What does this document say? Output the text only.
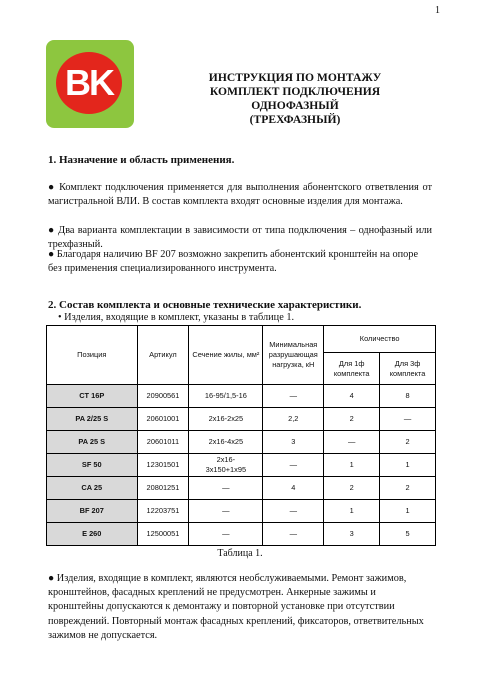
1
BK	ИНСТРУКЦИЯ ПО МОНТАЖУ
КОМПЛЕКТ ПОДКЛЮЧЕНИЯ
ОДНОФАЗНЫЙ
(ТРЕХФАЗНЫЙ)
1. Назначение и область применения.
● Комплект подключения применяется для выполнения абонентского ответвления от магистральной ВЛИ. В состав комплекта входят основные изделия для монтажа.
● Два варианта комплектации в зависимости от типа подключения – однофазный или трехфазный.
● Благодаря наличию BF 207 возможно закрепить абонентский кронштейн на опоре без применения специализированного инструмента.
2. Состав комплекта и основные технические характеристики.
• Изделия, входящие в комплект, указаны в таблице 1.
Позиция	Артикул	Сечение жилы, мм²	Минимальная разрушающая нагрузка, кН	Количество	
				Для 1ф комплекта	Для 3ф комплекта
CT 16P	20900561	16-95/1,5-16	—	4	8
PA 2/25 S	20601001	2x16-2x25	2,2	2	—
PA 25 S	20601011	2x16-4x25	3	—	2
SF 50	12301501	2x16-3x150+1x95	—	1	1
CA 25	20801251	—	4	2	2
BF 207	12203751	—	—	1	1
E 260	12500051	—	—	3	5
Таблица 1.
● Изделия, входящие в комплект, являются необслуживаемыми. Ремонт зажимов, кронштейнов, фасадных креплений не предусмотрен. Анкерные зажимы и кронштейны допускаются к демонтажу и повторной установке при отсутствии повреждений. Повторный монтаж фасадных креплений, фиксаторов, ответвительных зажимов не допускается.
